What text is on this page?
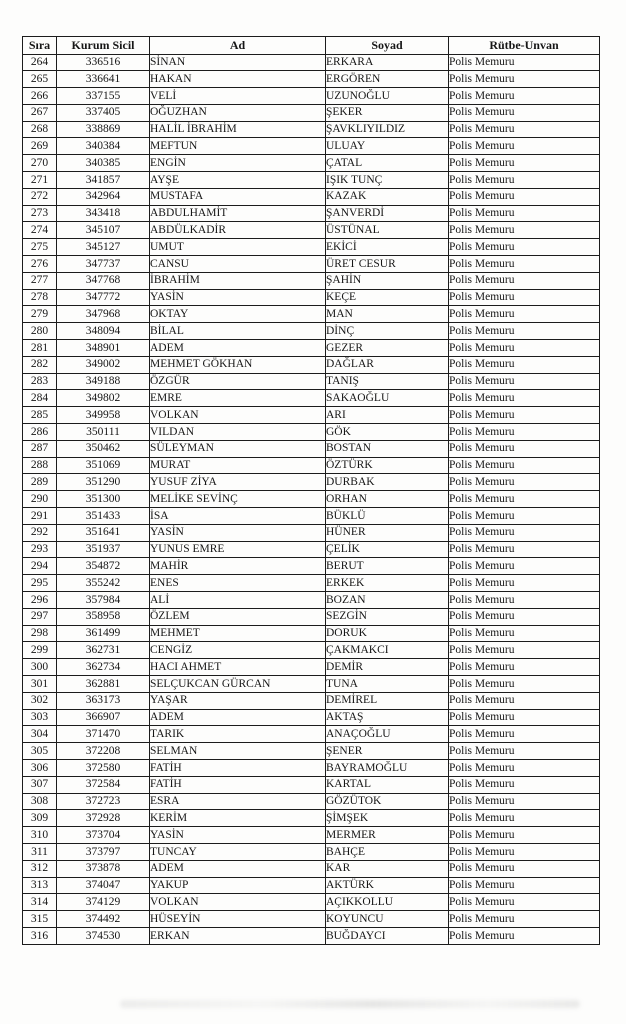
Sıra	Kurum Sicil	Ad	Soyad	Rütbe-Unvan
264	336516	SİNAN	ERKARA	Polis Memuru
265	336641	HAKAN	ERGÖREN	Polis Memuru
266	337155	VELİ	UZUNOĞLU	Polis Memuru
267	337405	OĞUZHAN	ŞEKER	Polis Memuru
268	338869	HALİL İBRAHİM	ŞAVKLIYILDIZ	Polis Memuru
269	340384	MEFTUN	ULUAY	Polis Memuru
270	340385	ENGİN	ÇATAL	Polis Memuru
271	341857	AYŞE	IŞIK TUNÇ	Polis Memuru
272	342964	MUSTAFA	KAZAK	Polis Memuru
273	343418	ABDULHAMİT	ŞANVERDİ	Polis Memuru
274	345107	ABDÜLKADİR	ÜSTÜNAL	Polis Memuru
275	345127	UMUT	EKİCİ	Polis Memuru
276	347737	CANSU	ÜRET CESUR	Polis Memuru
277	347768	İBRAHİM	ŞAHİN	Polis Memuru
278	347772	YASİN	KEÇE	Polis Memuru
279	347968	OKTAY	MAN	Polis Memuru
280	348094	BİLAL	DİNÇ	Polis Memuru
281	348901	ADEM	GEZER	Polis Memuru
282	349002	MEHMET GÖKHAN	DAĞLAR	Polis Memuru
283	349188	ÖZGÜR	TANIŞ	Polis Memuru
284	349802	EMRE	SAKAOĞLU	Polis Memuru
285	349958	VOLKAN	ARI	Polis Memuru
286	350111	VILDAN	GÖK	Polis Memuru
287	350462	SÜLEYMAN	BOSTAN	Polis Memuru
288	351069	MURAT	ÖZTÜRK	Polis Memuru
289	351290	YUSUF ZİYA	DURBAK	Polis Memuru
290	351300	MELİKE SEVİNÇ	ORHAN	Polis Memuru
291	351433	İSA	BÜKLÜ	Polis Memuru
292	351641	YASİN	HÜNER	Polis Memuru
293	351937	YUNUS EMRE	ÇELİK	Polis Memuru
294	354872	MAHİR	BERUT	Polis Memuru
295	355242	ENES	ERKEK	Polis Memuru
296	357984	ALİ	BOZAN	Polis Memuru
297	358958	ÖZLEM	SEZGİN	Polis Memuru
298	361499	MEHMET	DORUK	Polis Memuru
299	362731	CENGİZ	ÇAKMAKCI	Polis Memuru
300	362734	HACI AHMET	DEMİR	Polis Memuru
301	362881	SELÇUKCAN GÜRCAN	TUNA	Polis Memuru
302	363173	YAŞAR	DEMİREL	Polis Memuru
303	366907	ADEM	AKTAŞ	Polis Memuru
304	371470	TARIK	ANAÇOĞLU	Polis Memuru
305	372208	SELMAN	ŞENER	Polis Memuru
306	372580	FATİH	BAYRAMOĞLU	Polis Memuru
307	372584	FATİH	KARTAL	Polis Memuru
308	372723	ESRA	GÖZÜTOK	Polis Memuru
309	372928	KERİM	ŞİMŞEK	Polis Memuru
310	373704	YASİN	MERMER	Polis Memuru
311	373797	TUNCAY	BAHÇE	Polis Memuru
312	373878	ADEM	KAR	Polis Memuru
313	374047	YAKUP	AKTÜRK	Polis Memuru
314	374129	VOLKAN	AÇIKKOLLU	Polis Memuru
315	374492	HÜSEYİN	KOYUNCU	Polis Memuru
316	374530	ERKAN	BUĞDAYCI	Polis Memuru
